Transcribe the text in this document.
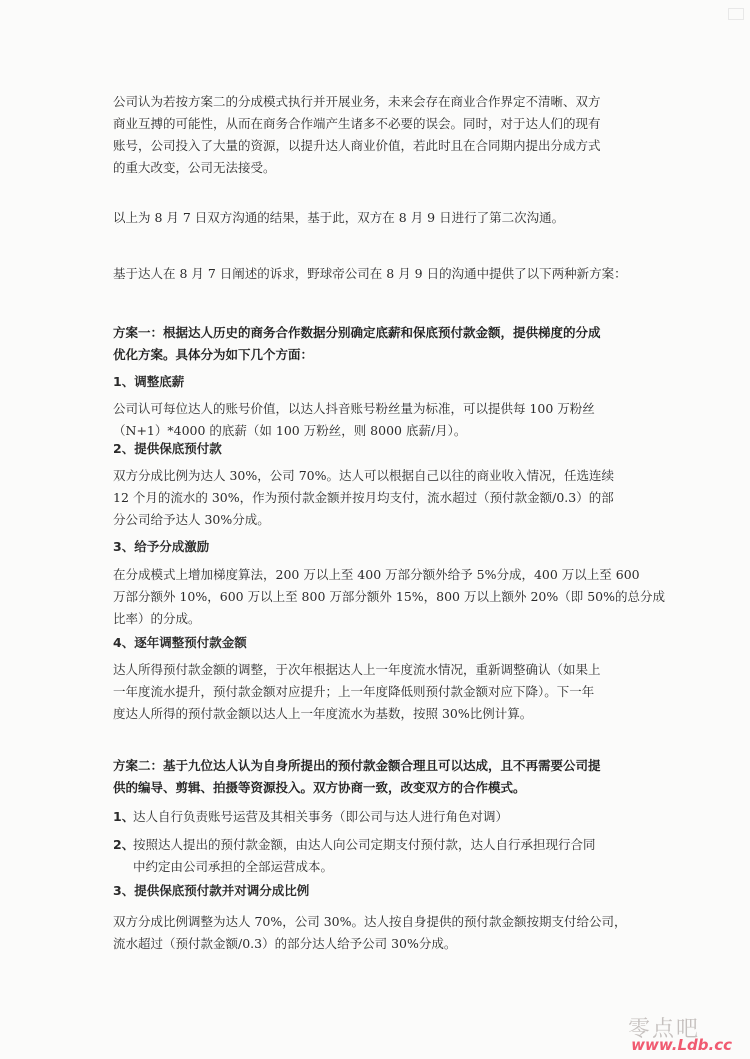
公司认为若按方案二的分成模式执行并开展业务，未来会存在商业合作界定不清晰、双方
商业互搏的可能性，从而在商务合作端产生诸多不必要的误会。同时，对于达人们的现有
账号，公司投入了大量的资源，以提升达人商业价值，若此时且在合同期内提出分成方式
的重大改变，公司无法接受。

以上为 8 月 7 日双方沟通的结果，基于此，双方在 8 月 9 日进行了第二次沟通。

基于达人在 8 月 7 日阐述的诉求，野球帝公司在 8 月 9 日的沟通中提供了以下两种新方案：

方案一：根据达人历史的商务合作数据分别确定底薪和保底预付款金额，提供梯度的分成
优化方案。具体分为如下几个方面：

1、调整底薪

公司认可每位达人的账号价值，以达人抖音账号粉丝量为标准，可以提供每 100 万粉丝
（N+1）*4000 的底薪（如 100 万粉丝，则 8000 底薪/月）。

2、提供保底预付款

双方分成比例为达人 30%，公司 70%。达人可以根据自己以往的商业收入情况，任选连续
12 个月的流水的 30%，作为预付款金额并按月均支付，流水超过（预付款金额/0.3）的部
分公司给予达人 30%分成。

3、给予分成激励

在分成模式上增加梯度算法，200 万以上至 400 万部分额外给予 5%分成，400 万以上至 600
万部分额外 10%，600 万以上至 800 万部分额外 15%，800 万以上额外 20%（即 50%的总分成
比率）的分成。

4、逐年调整预付款金额

达人所得预付款金额的调整，于次年根据达人上一年度流水情况，重新调整确认（如果上
一年度流水提升，预付款金额对应提升；上一年度降低则预付款金额对应下降）。下一年
度达人所得的预付款金额以达人上一年度流水为基数，按照 30%比例计算。

方案二：基于九位达人认为自身所提出的预付款金额合理且可以达成，且不再需要公司提
供的编导、剪辑、拍摄等资源投入。双方协商一致，改变双方的合作模式。

1、
达人自行负责账号运营及其相关事务（即公司与达人进行角色对调）
2、

按照达人提出的预付款金额，由达人向公司定期支付预付款，达人自行承担现行合同
中约定由公司承担的全部运营成本。

3、提供保底预付款并对调分成比例

双方分成比例调整为达人 70%，公司 30%。达人按自身提供的预付款金额按期支付给公司，
流水超过（预付款金额/0.3）的部分达人给予公司 30%分成。

零点吧
www.Ldb.cc
